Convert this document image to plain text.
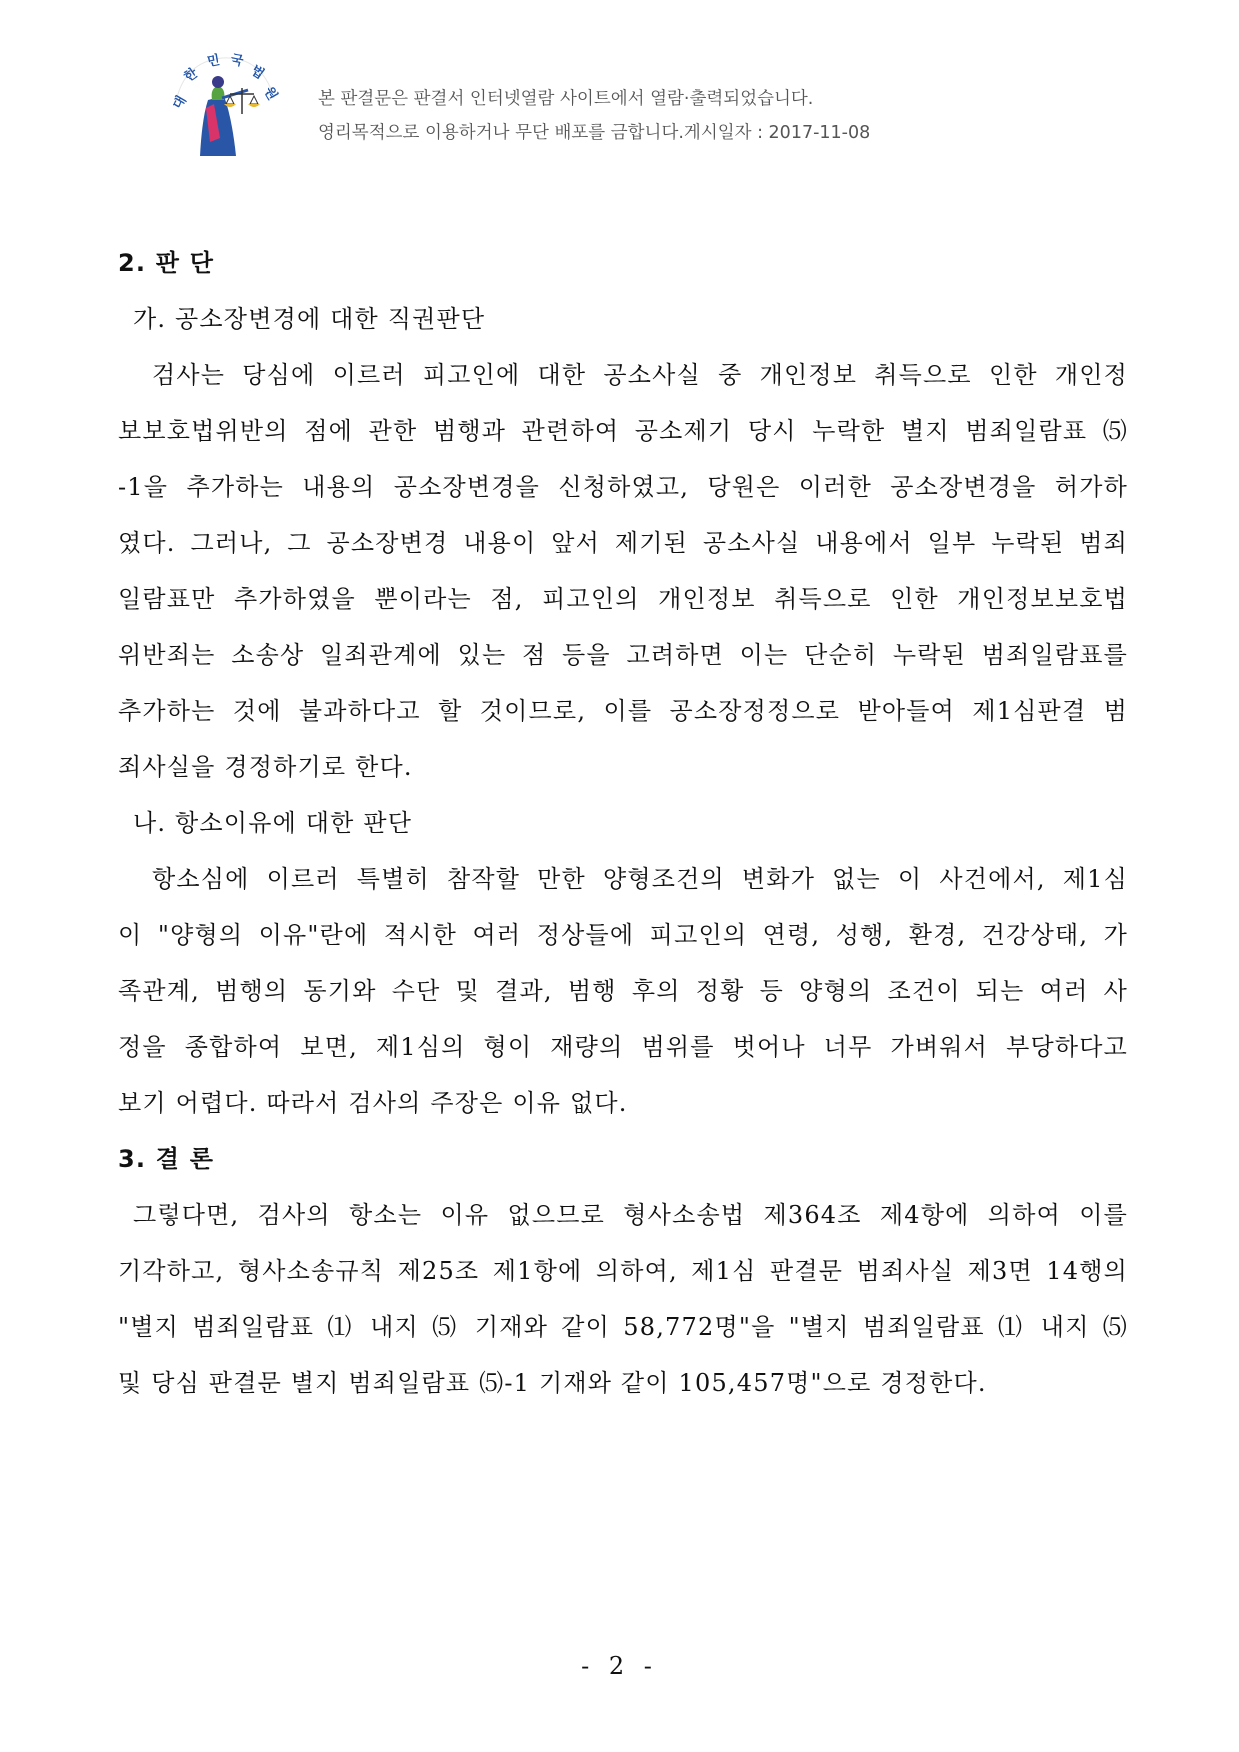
대
한
민 국
법
원 본 판결문은 판결서 인터넷열람 사이트에서 열람·출력되었습니다.
영리목적으로 이용하거나 무단 배포를 금합니다.게시일자 : 2017-11-08
2. 판 단
가. 공소장변경에 대한 직권판단
검사는 당심에 이르러 피고인에 대한 공소사실 중 개인정보 취득으로 인한 개인정
보보호법위반의 점에 관한 범행과 관련하여 공소제기 당시 누락한 별지 범죄일람표 ⑸
-1을 추가하는 내용의 공소장변경을 신청하였고, 당원은 이러한 공소장변경을 허가하
였다. 그러나, 그 공소장변경 내용이 앞서 제기된 공소사실 내용에서 일부 누락된 범죄
일람표만 추가하였을 뿐이라는 점, 피고인의 개인정보 취득으로 인한 개인정보보호법
위반죄는 소송상 일죄관계에 있는 점 등을 고려하면 이는 단순히 누락된 범죄일람표를
추가하는 것에 불과하다고 할 것이므로, 이를 공소장정정으로 받아들여 제1심판결 범
죄사실을 경정하기로 한다.
나. 항소이유에 대한 판단
항소심에 이르러 특별히 참작할 만한 양형조건의 변화가 없는 이 사건에서, 제1심
이 "양형의 이유"란에 적시한 여러 정상들에 피고인의 연령, 성행, 환경, 건강상태, 가
족관계, 범행의 동기와 수단 및 결과, 범행 후의 정황 등 양형의 조건이 되는 여러 사
정을 종합하여 보면, 제1심의 형이 재량의 범위를 벗어나 너무 가벼워서 부당하다고
보기 어렵다. 따라서 검사의 주장은 이유 없다.
3. 결 론
그렇다면, 검사의 항소는 이유 없으므로 형사소송법 제364조 제4항에 의하여 이를
기각하고, 형사소송규칙 제25조 제1항에 의하여, 제1심 판결문 범죄사실 제3면 14행의
"별지 범죄일람표 ⑴ 내지 ⑸ 기재와 같이 58,772명"을 "별지 범죄일람표 ⑴ 내지 ⑸
및 당심 판결문 별지 범죄일람표 ⑸-1 기재와 같이 105,457명"으로 경정한다.
- 2 -
